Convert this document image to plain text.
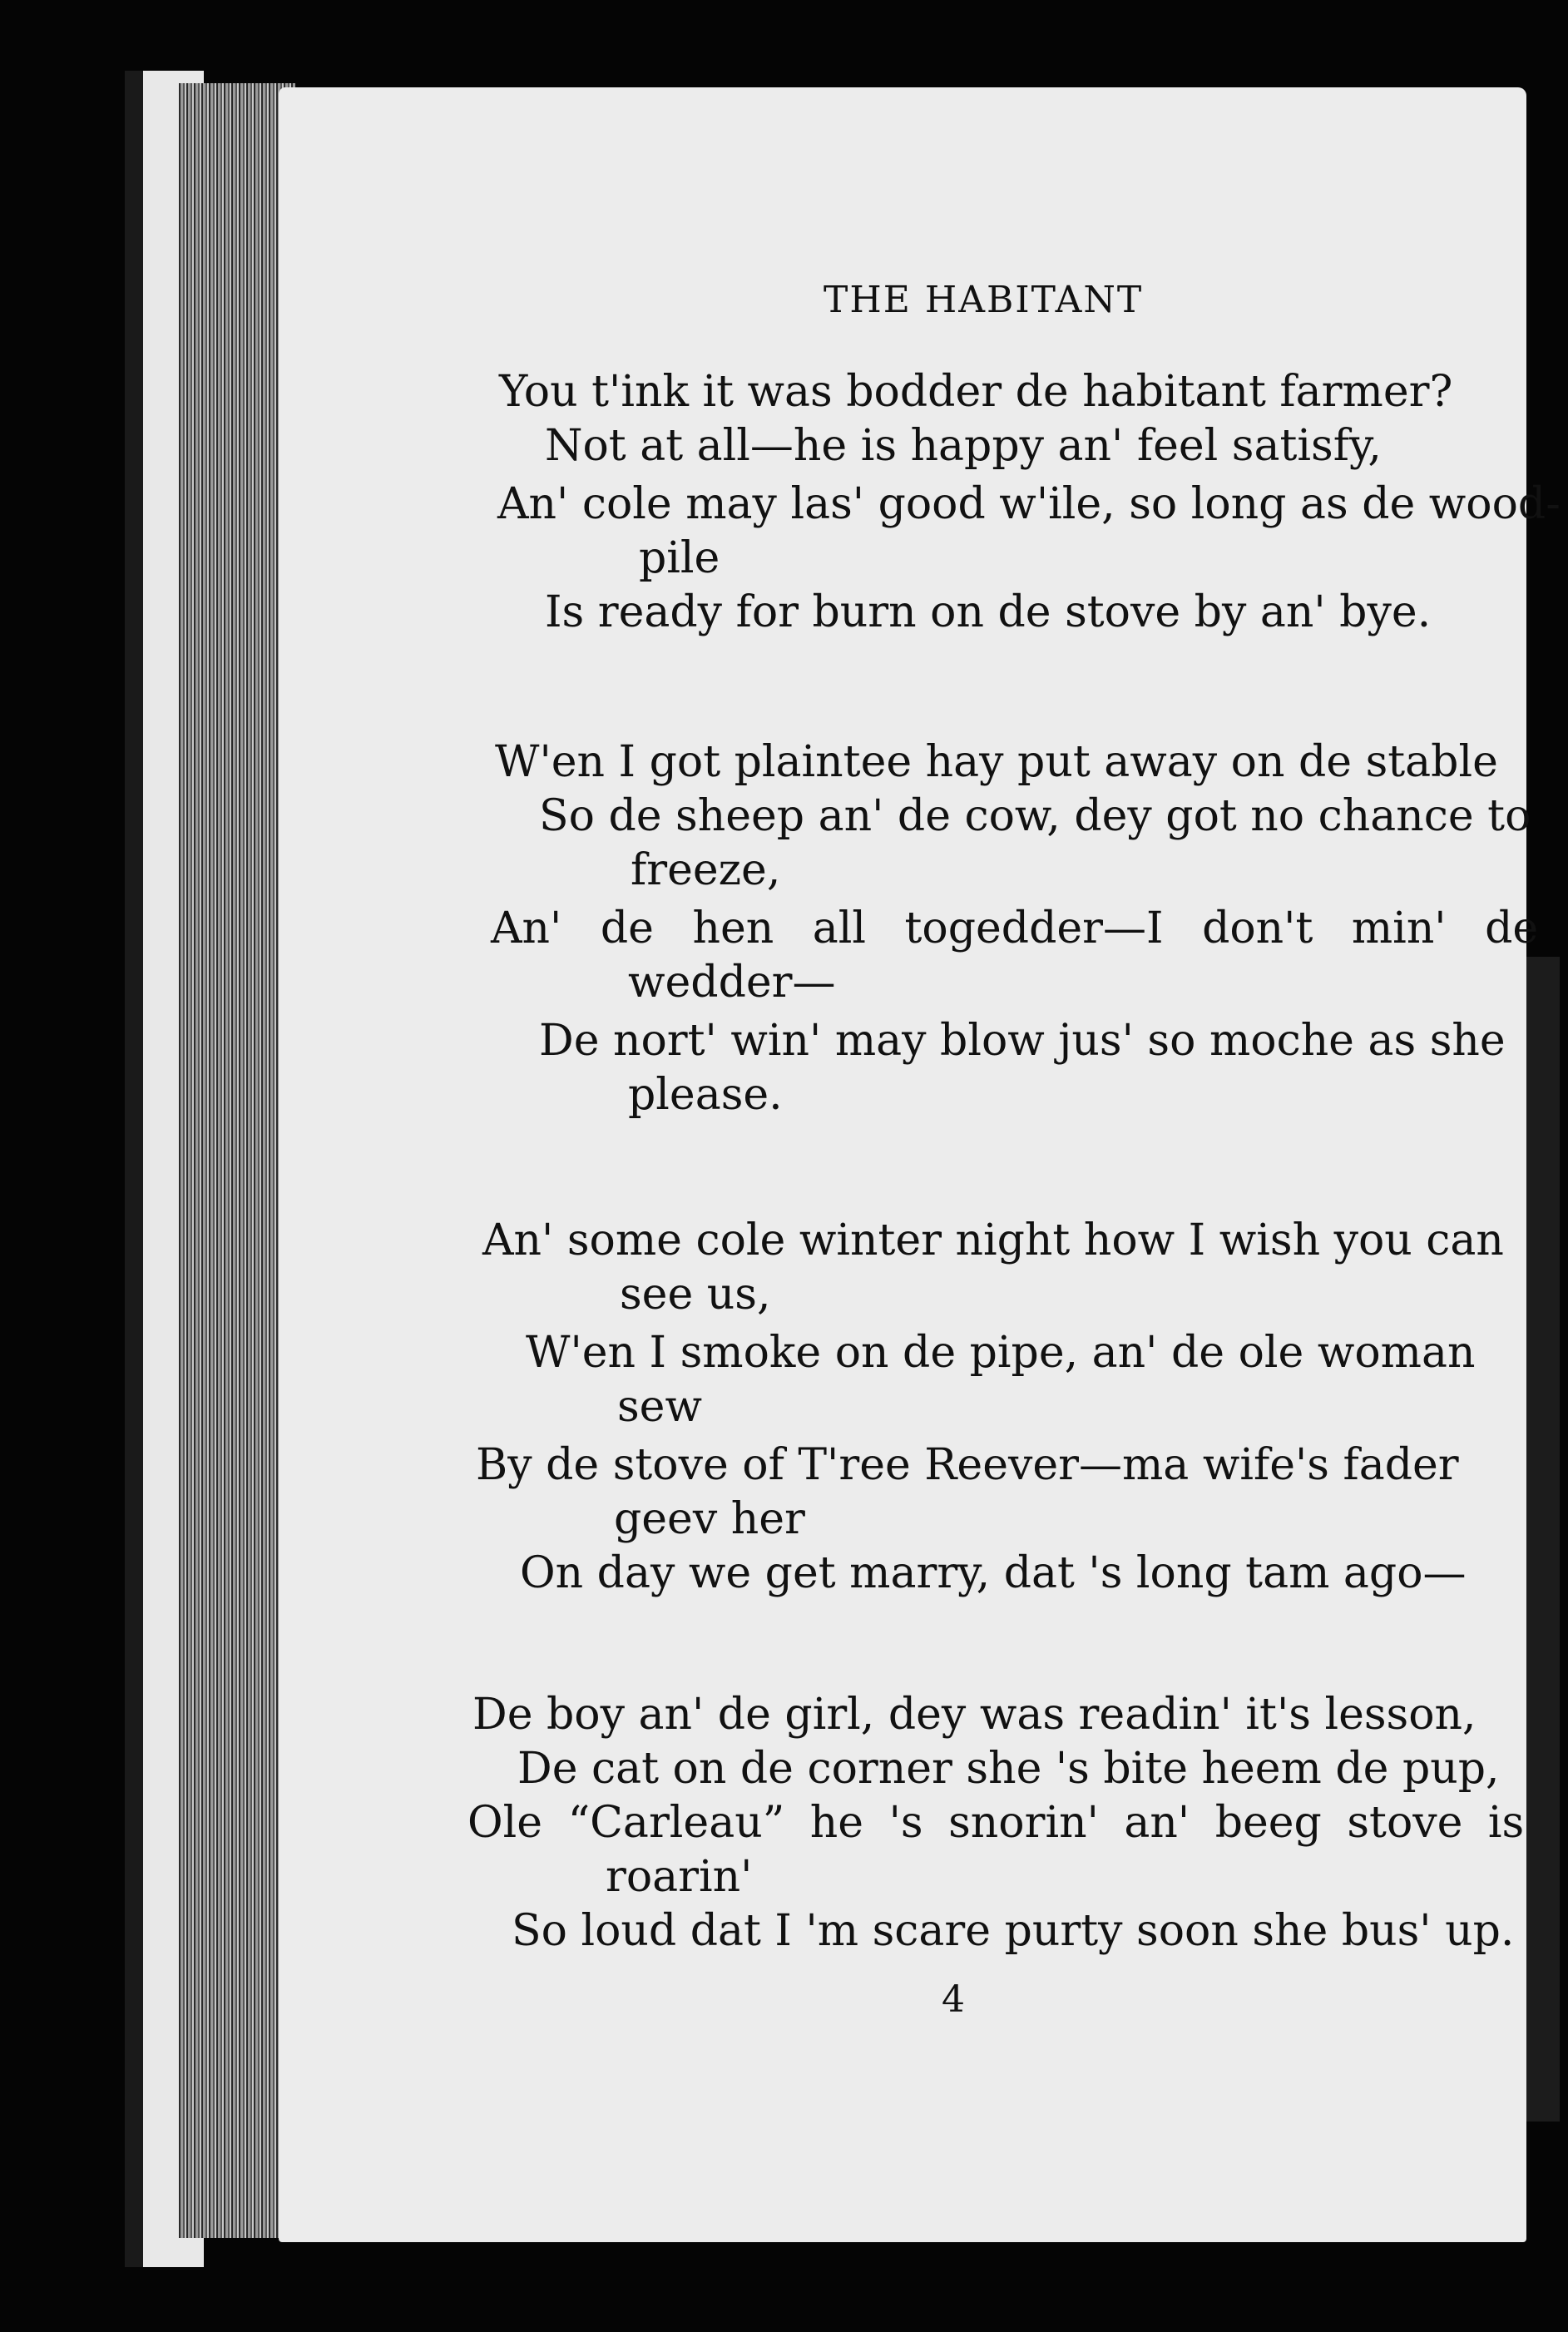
THE HABITANT
You t'ink it was bodder de habitant farmer?
Not at all—he is happy an' feel satisfy,
An' cole may las' good w'ile, so long as de wood-
pile
Is ready for burn on de stove by an' bye.
W'en I got plaintee hay put away on de stable
So de sheep an' de cow, dey got no chance to
freeze,
An' de hen all togedder—I don't min' de
wedder—
De nort' win' may blow jus' so moche as she
please.
An' some cole winter night how I wish you can
see us,
W'en I smoke on de pipe, an' de ole woman
sew
By de stove of T'ree Reever—ma wife's fader
geev her
On day we get marry, dat 's long tam ago—
De boy an' de girl, dey was readin' it's lesson,
De cat on de corner she 's bite heem de pup,
Ole “Carleau” he 's snorin' an' beeg stove is
roarin'
So loud dat I 'm scare purty soon she bus' up.
4
